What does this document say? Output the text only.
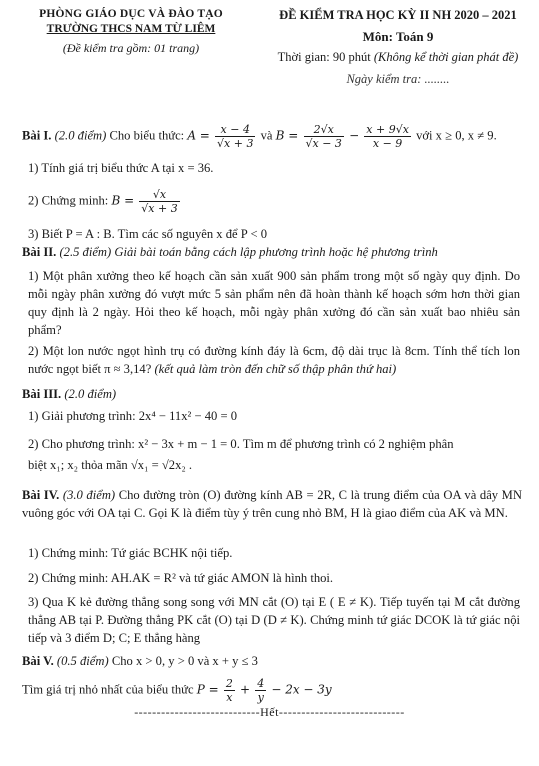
PHÒNG GIÁO DỤC VÀ ĐÀO TẠO
TRƯỜNG THCS NAM TỪ LIÊM
(Đề kiểm tra gồm: 01 trang)
ĐỀ KIỂM TRA HỌC KỲ II NH 2020 – 2021
Môn: Toán 9
Thời gian: 90 phút (Không kể thời gian phát đề)
Ngày kiểm tra: ........
Bài I. (2.0 điểm) Cho biểu thức: $A = \frac{x - 4}{√x + 3}$ và $B = \frac{2√x}{√x - 3} - \frac{x + 9√x}{x - 9}$ với x ≥ 0, x ≠ 9.
1) Tính giá trị biểu thức A tại x = 36.
2) Chứng minh: $B = \frac{√x}{√x + 3}$
3) Biết P = A : B. Tìm các số nguyên x để P < 0
Bài II. (2.5 điểm) Giải bài toán bằng cách lập phương trình hoặc hệ phương trình
1) Một phân xưởng theo kế hoạch cần sản xuất 900 sản phẩm trong một số ngày quy định. Do mỗi ngày phân xưởng đó vượt mức 5 sản phẩm nên đã hoàn thành kế hoạch sớm hơn thời gian quy định là 2 ngày. Hỏi theo kế hoạch, mỗi ngày phân xưởng đó cần sản xuất bao nhiêu sản phẩm?
2) Một lon nước ngọt hình trụ có đường kính đáy là 6cm, độ dài trục là 8cm. Tính thể tích lon nước ngọt biết π ≈ 3,14? (kết quả làm tròn đến chữ số thập phân thứ hai)
Bài III. (2.0 điểm)
1) Giải phương trình: 2x⁴ − 11x² − 40 = 0
2) Cho phương trình: x² − 3x + m − 1 = 0. Tìm m để phương trình có 2 nghiệm phân
biệt x₁; x₂ thỏa mãn √x₁ = √2x₂ .
Bài IV. (3.0 điểm) Cho đường tròn (O) đường kính AB = 2R, C là trung điểm của OA và dây MN vuông góc với OA tại C. Gọi K là điểm tùy ý trên cung nhỏ BM, H là giao điểm của AK và MN.
1) Chứng minh: Tứ giác BCHK nội tiếp.
2) Chứng minh: AH.AK = R² và tứ giác AMON là hình thoi.
3) Qua K kẻ đường thẳng song song với MN cắt (O) tại E ( E ≠ K). Tiếp tuyến tại M cắt đường thẳng AB tại P. Đường thẳng PK cắt (O) tại D (D ≠ K). Chứng minh tứ giác DCOK là tứ giác nội tiếp và 3 điểm D; C; E thẳng hàng
Bài V. (0.5 điểm) Cho x > 0, y > 0 và x + y ≤ 3
Tìm giá trị nhỏ nhất của biểu thức $P = \frac{2}{x} + \frac{4}{y} - 2x - 3y$
----------------------------Hết----------------------------
